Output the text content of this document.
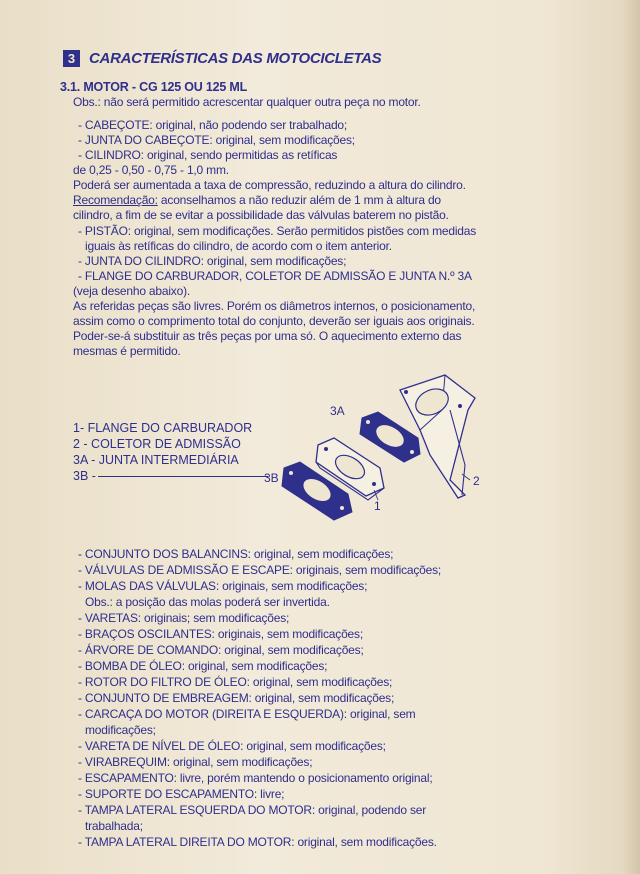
3 CARACTERÍSTICAS DAS MOTOCICLETAS
3.1. MOTOR - CG 125 OU 125 ML
Obs.: não será permitido acrescentar qualquer outra peça no motor.
- CABEÇOTE: original, não podendo ser trabalhado;
- JUNTA DO CABEÇOTE: original, sem modificações;
- CILINDRO: original, sendo permitidas as retíficas
de 0,25 - 0,50 - 0,75 - 1,0 mm.
Poderá ser aumentada a taxa de compressão, reduzindo a altura do cilindro.
Recomendação: aconselhamos a não reduzir além de 1 mm à altura do
cilindro, a fim de se evitar a possibilidade das válvulas baterem no pistão.
- PISTÃO: original, sem modificações. Serão permitidos pistões com medidas
iguais às retíficas do cilindro, de acordo com o item anterior.
- JUNTA DO CILINDRO: original, sem modificações;
- FLANGE DO CARBURADOR, COLETOR DE ADMISSÃO E JUNTA N.º 3A
(veja desenho abaixo).
As referidas peças são livres. Porém os diâmetros internos, o posicionamento,
assim como o comprimento total do conjunto, deverão ser iguais aos originais.
Poder-se-á substituir as três peças por uma só. O aquecimento externo das
mesmas é permitido.
1- FLANGE DO CARBURADOR
2 - COLETOR DE ADMISSÃO
3A - JUNTA INTERMEDIÁRIA
3B -
3A
3B
1
2
- CONJUNTO DOS BALANCINS: original, sem modificações;
- VÁLVULAS DE ADMISSÃO E ESCAPE: originais, sem modificações;
- MOLAS DAS VÁLVULAS: originais, sem modificações;
Obs.: a posição das molas poderá ser invertida.
- VARETAS: originais; sem modificações;
- BRAÇOS OSCILANTES: originais, sem modificações;
- ÁRVORE DE COMANDO: original, sem modificações;
- BOMBA DE ÓLEO: original, sem modificações;
- ROTOR DO FILTRO DE ÓLEO: original, sem modificações;
- CONJUNTO DE EMBREAGEM: original, sem modificações;
- CARCAÇA DO MOTOR (DIREITA E ESQUERDA): original, sem
modificações;
- VARETA DE NÍVEL DE ÓLEO: original, sem modificações;
- VIRABREQUIM: original, sem modificações;
- ESCAPAMENTO: livre, porém mantendo o posicionamento original;
- SUPORTE DO ESCAPAMENTO: livre;
- TAMPA LATERAL ESQUERDA DO MOTOR: original, podendo ser
trabalhada;
- TAMPA LATERAL DIREITA DO MOTOR: original, sem modificações.
